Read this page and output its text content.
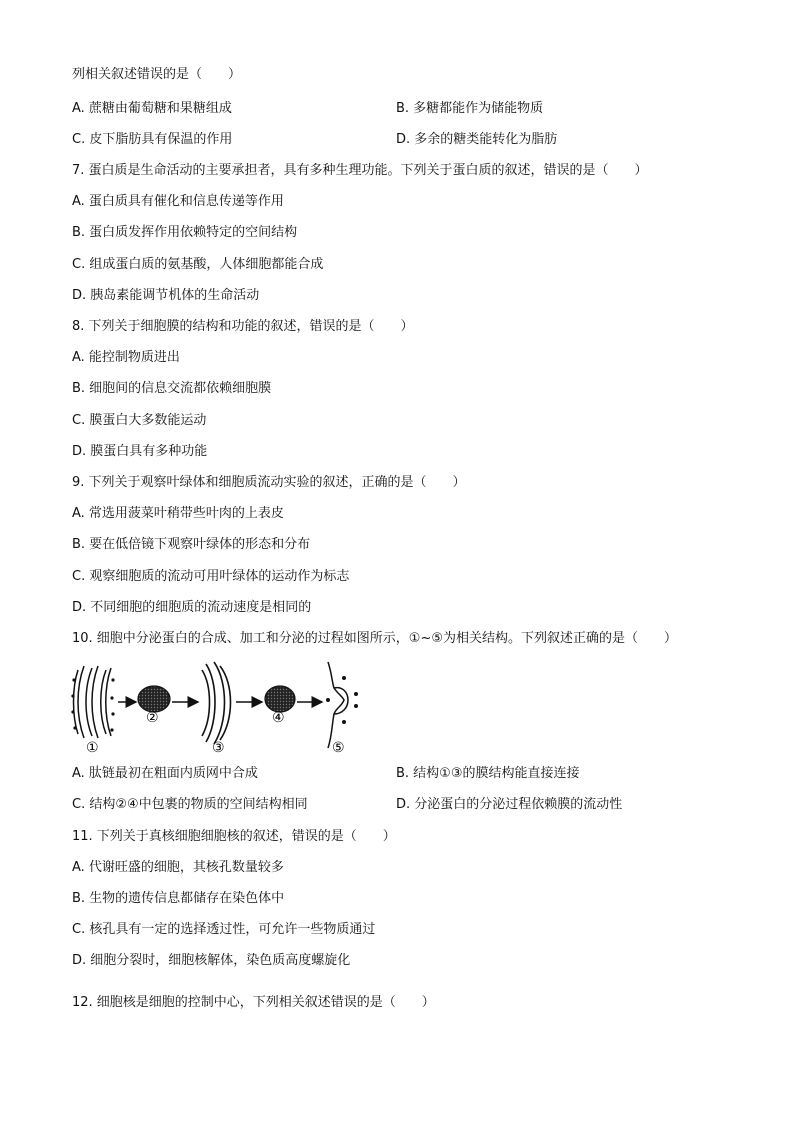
列相关叙述错误的是（　　）
A. 蔗糖由葡萄糖和果糖组成	B. 多糖都能作为储能物质
C. 皮下脂肪具有保温的作用	D. 多余的糖类能转化为脂肪
7. 蛋白质是生命活动的主要承担者，具有多种生理功能。下列关于蛋白质的叙述，错误的是（　　）
A. 蛋白质具有催化和信息传递等作用
B. 蛋白质发挥作用依赖特定的空间结构
C. 组成蛋白质的氨基酸，人体细胞都能合成
D. 胰岛素能调节机体的生命活动
8. 下列关于细胞膜的结构和功能的叙述，错误的是（　　）
A. 能控制物质进出
B. 细胞间的信息交流都依赖细胞膜
C. 膜蛋白大多数能运动
D. 膜蛋白具有多种功能
9. 下列关于观察叶绿体和细胞质流动实验的叙述，正确的是（　　）
A. 常选用菠菜叶稍带些叶肉的上表皮
B. 要在低倍镜下观察叶绿体的形态和分布
C. 观察细胞质的流动可用叶绿体的运动作为标志
D. 不同细胞的细胞质的流动速度是相同的
10. 细胞中分泌蛋白的合成、加工和分泌的过程如图所示，①~⑤为相关结构。下列叙述正确的是（　　）
①
②
③
④
⑤
A. 肽链最初在粗面内质网中合成	B. 结构①③的膜结构能直接连接
C. 结构②④中包裹的物质的空间结构相同	D. 分泌蛋白的分泌过程依赖膜的流动性
11. 下列关于真核细胞细胞核的叙述，错误的是（　　）
A. 代谢旺盛的细胞，其核孔数量较多
B. 生物的遗传信息都储存在染色体中
C. 核孔具有一定的选择透过性，可允许一些物质通过
D. 细胞分裂时，细胞核解体，染色质高度螺旋化
12. 细胞核是细胞的控制中心，下列相关叙述错误的是（　　）
